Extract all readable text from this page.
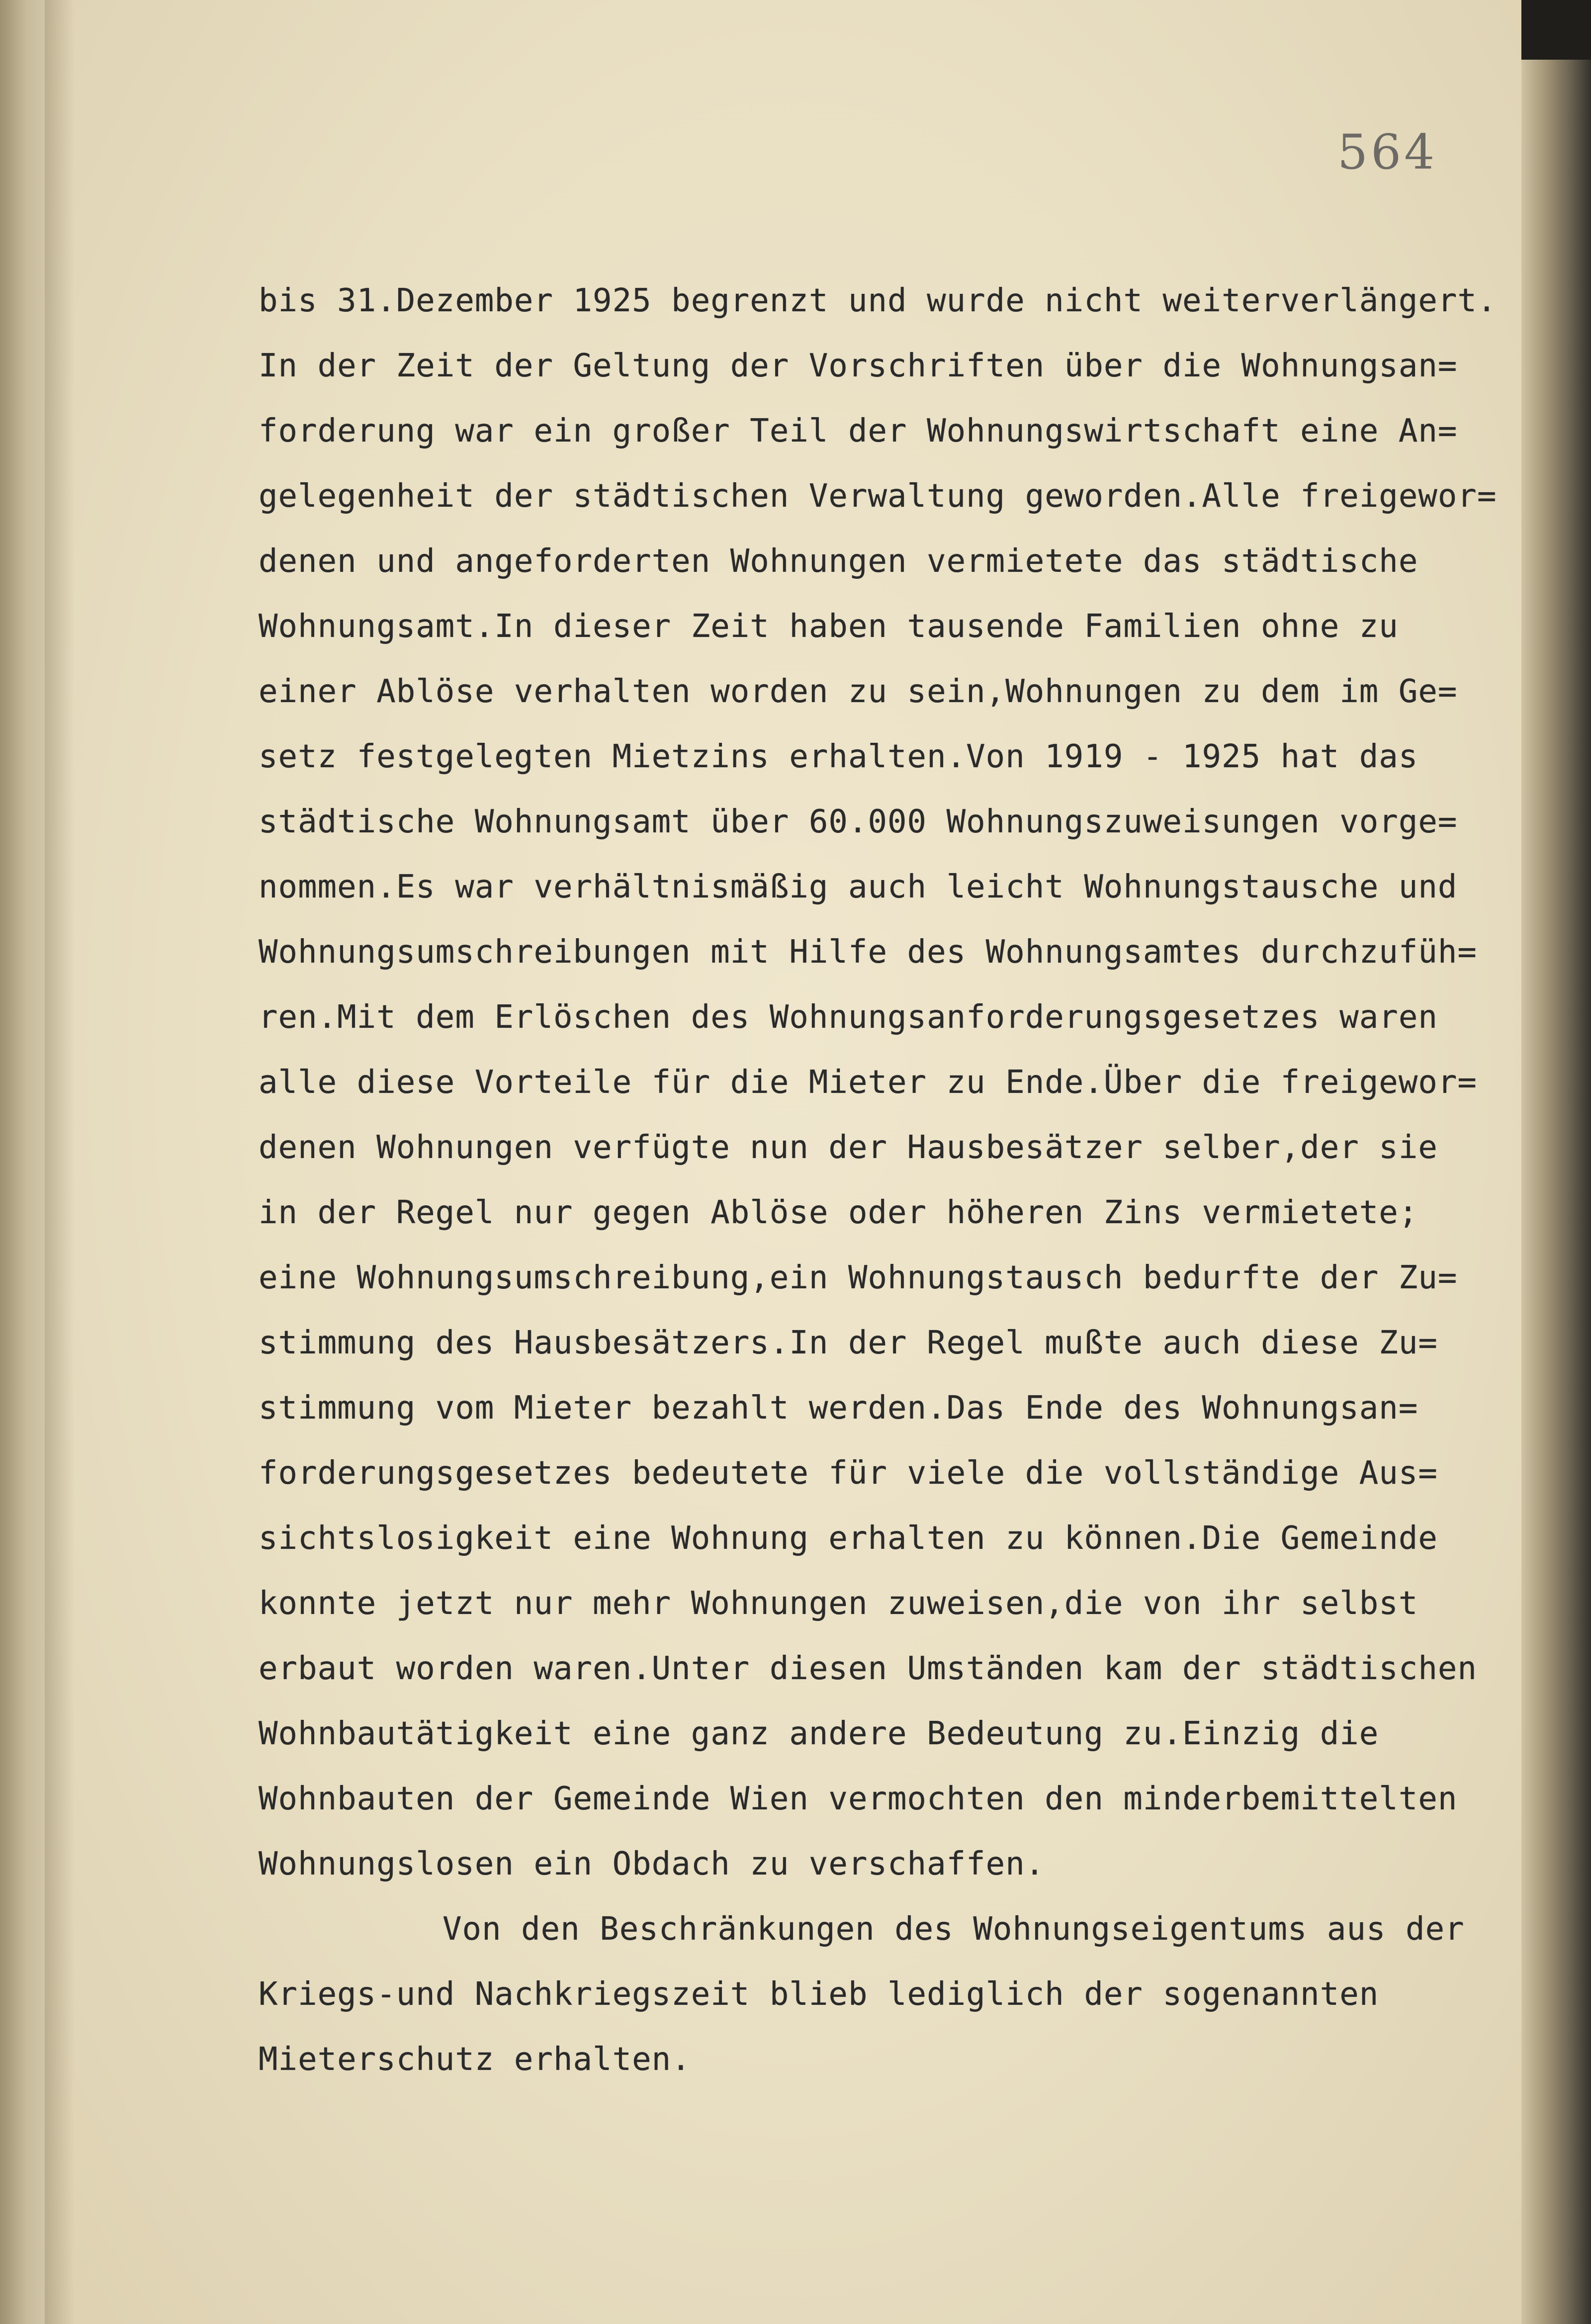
564
bis 31.Dezember 1925 begrenzt und wurde nicht weiterverlängert.
In der Zeit der Geltung der Vorschriften über die Wohnungsan=
forderung war ein großer Teil der Wohnungswirtschaft eine An=
gelegenheit der städtischen Verwaltung geworden.Alle freigewor=
denen und angeforderten Wohnungen vermietete das städtische
Wohnungsamt.In dieser Zeit haben tausende Familien ohne zu
einer Ablöse verhalten worden zu sein,Wohnungen zu dem im Ge=
setz festgelegten Mietzins erhalten.Von 1919 - 1925 hat das
städtische Wohnungsamt über 60.000 Wohnungszuweisungen vorge=
nommen.Es war verhältnismäßig auch leicht Wohnungstausche und
Wohnungsumschreibungen mit Hilfe des Wohnungsamtes durchzufüh=
ren.Mit dem Erlöschen des Wohnungsanforderungsgesetzes waren
alle diese Vorteile für die Mieter zu Ende.Über die freigewor=
denen Wohnungen verfügte nun der Hausbesätzer selber,der sie
in der Regel nur gegen Ablöse oder höheren Zins vermietete;
eine Wohnungsumschreibung,ein Wohnungstausch bedurfte der Zu=
stimmung des Hausbesätzers.In der Regel mußte auch diese Zu=
stimmung vom Mieter bezahlt werden.Das Ende des Wohnungsan=
forderungsgesetzes bedeutete für viele die vollständige Aus=
sichtslosigkeit eine Wohnung erhalten zu können.Die Gemeinde
konnte jetzt nur mehr Wohnungen zuweisen,die von ihr selbst
erbaut worden waren.Unter diesen Umständen kam der städtischen
Wohnbautätigkeit eine ganz andere Bedeutung zu.Einzig die
Wohnbauten der Gemeinde Wien vermochten den minderbemittelten
Wohnungslosen ein Obdach zu verschaffen.
Von den Beschränkungen des Wohnungseigentums aus der
Kriegs-und Nachkriegszeit blieb lediglich der sogenannten
Mieterschutz erhalten.
